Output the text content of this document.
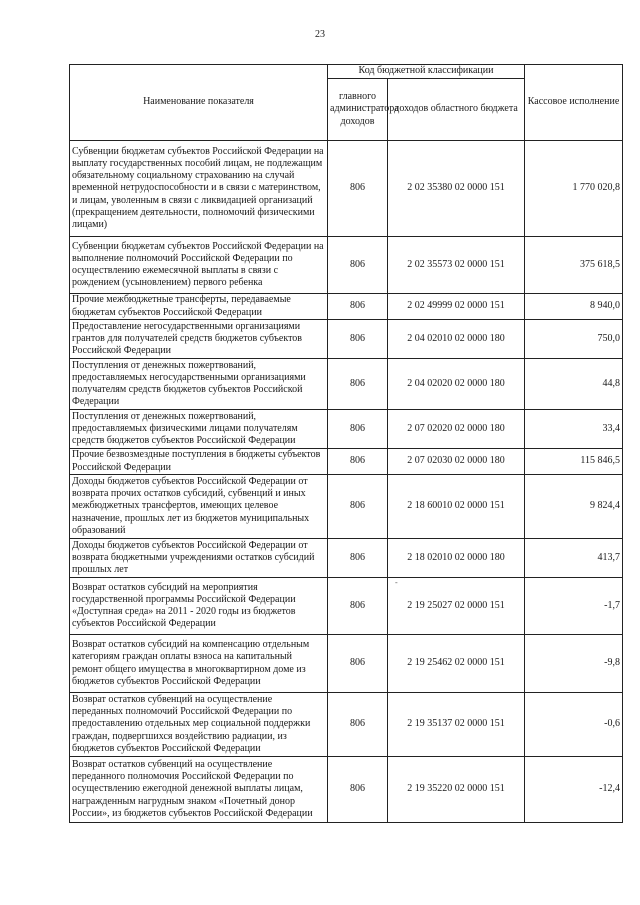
23
Наименование показателя	Код бюджетной классификации		Кассовое исполнение
	главного администратора доходов	доходов областного бюджета	
Субвенции бюджетам субъектов Российской Федерации на выплату государственных пособий лицам, не подлежащим обязательному социальному страхованию на случай временной нетрудоспособности и в связи с материнством, и лицам, уволенным в связи с ликвидацией организаций (прекращением деятельности, полномочий физическими лицами)	806	2 02 35380 02 0000 151	1 770 020,8
Субвенции бюджетам субъектов Российской Федерации на выполнение полномочий Российской Федерации по осуществлению ежемесячной выплаты в связи с рождением (усыновлением) первого ребенка	806	2 02 35573 02 0000 151	375 618,5
Прочие межбюджетные трансферты, передаваемые бюджетам субъектов Российской Федерации	806	2 02 49999 02 0000 151	8 940,0
Предоставление негосударственными организациями грантов для получателей средств бюджетов субъектов Российской Федерации	806	2 04 02010 02 0000 180	750,0
Поступления от денежных пожертвований, предоставляемых негосударственными организациями получателям средств бюджетов субъектов Российской Федерации	806	2 04 02020 02 0000 180	44,8
Поступления от денежных пожертвований, предоставляемых физическими лицами получателям средств бюджетов субъектов Российской Федерации	806	2 07 02020 02 0000 180	33,4
Прочие безвозмездные поступления в бюджеты субъектов Российской Федерации	806	2 07 02030 02 0000 180	115 846,5
Доходы бюджетов субъектов Российской Федерации от возврата прочих остатков субсидий, субвенций и иных межбюджетных трансфертов, имеющих целевое назначение, прошлых лет из бюджетов муниципальных образований	806	2 18 60010 02 0000 151	9 824,4
Доходы бюджетов субъектов Российской Федерации от возврата бюджетными учреждениями остатков субсидий прошлых лет	806	2 18 02010 02 0000 180	413,7
Возврат остатков субсидий на мероприятия государственной программы Российской Федерации «Доступная среда» на 2011 - 2020 годы из бюджетов субъектов Российской Федерации	806	2 19 25027 02 0000 151	-1,7
Возврат остатков субсидий на компенсацию отдельным категориям граждан оплаты взноса на капитальный ремонт общего имущества в многоквартирном доме из бюджетов субъектов Российской Федерации	806	2 19 25462 02 0000 151	-9,8
Возврат остатков субвенций на осуществление переданных полномочий Российской Федерации по предоставлению отдельных мер социальной поддержки граждан, подвергшихся воздействию радиации, из бюджетов субъектов Российской Федерации	806	2 19 35137 02 0000 151	-0,6
Возврат остатков субвенций на осуществление переданного полномочия Российской Федерации по осуществлению ежегодной денежной выплаты лицам, награжденным нагрудным знаком «Почетный донор России», из бюджетов субъектов Российской Федерации	806	2 19 35220 02 0000 151	-12,4
-
